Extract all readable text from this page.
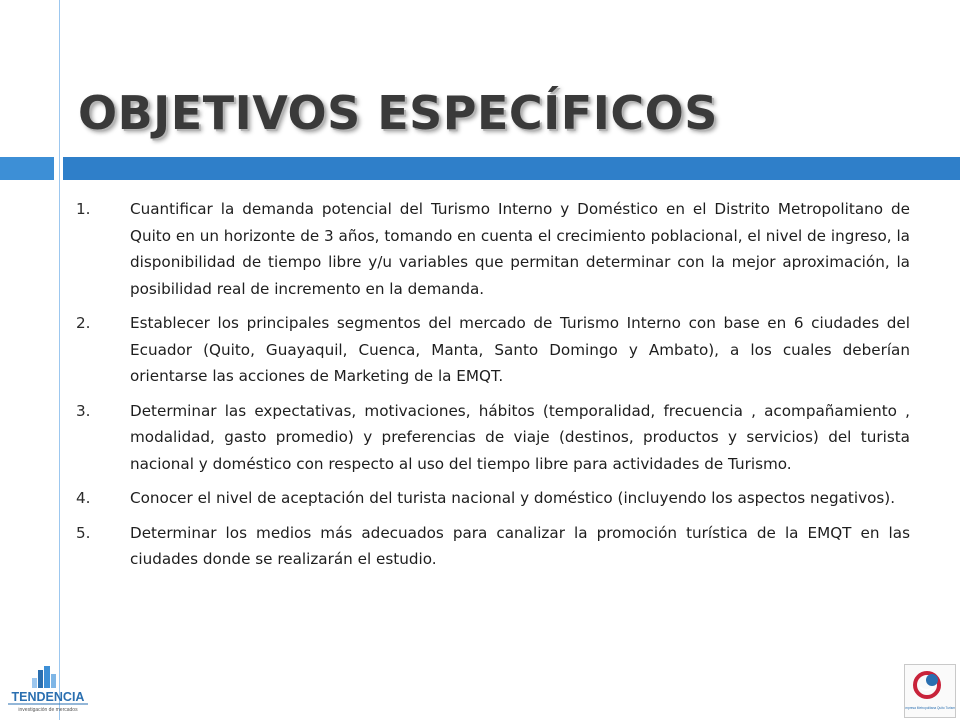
OBJETIVOS ESPECÍFICOS
1.	Cuantificar la demanda potencial del Turismo Interno y Doméstico en el Distrito Metropolitano de Quito en un horizonte de 3 años, tomando en cuenta el crecimiento poblacional, el nivel de ingreso, la disponibilidad de tiempo libre y/u variables que permitan determinar con la mejor aproximación, la posibilidad real de incremento en la demanda.
2.	Establecer los principales segmentos del mercado de Turismo Interno con base en 6 ciudades del Ecuador (Quito, Guayaquil, Cuenca, Manta, Santo Domingo y Ambato), a los cuales deberían orientarse las acciones de Marketing de la EMQT.
3.	Determinar las expectativas, motivaciones, hábitos (temporalidad, frecuencia , acompañamiento , modalidad, gasto promedio) y preferencias de viaje (destinos, productos y servicios) del turista nacional y doméstico con respecto al uso del tiempo libre para actividades de Turismo.
4.	Conocer el nivel de aceptación del turista nacional y doméstico (incluyendo los aspectos negativos).
5.	Determinar los medios más adecuados para canalizar la promoción turística de la EMQT en las ciudades donde se realizarán el estudio.
TENDENCIA
investigación de mercados	Empresa Metropolitana Quito Turismo
